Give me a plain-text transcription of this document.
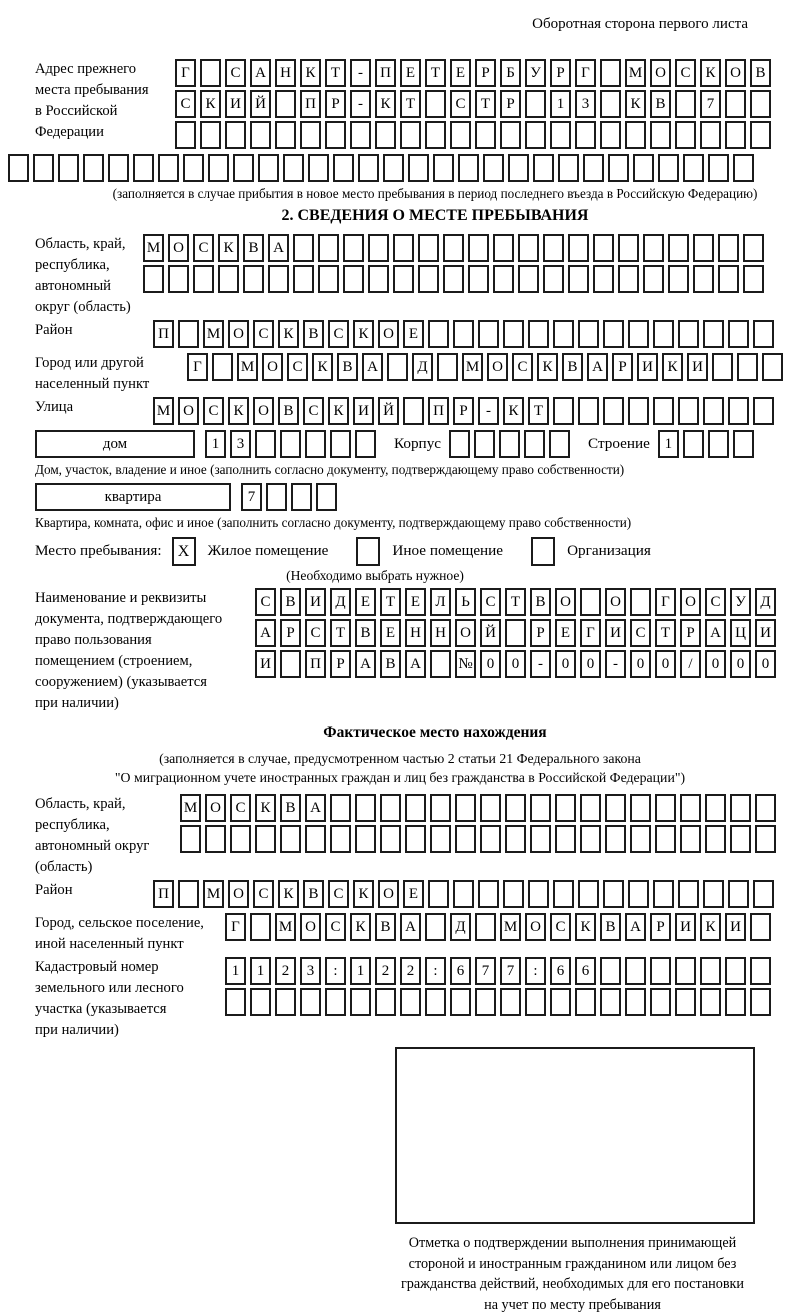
Оборотная сторона первого листа
Адрес прежнего
места пребывания
в Российской
Федерации
Г	С А Н К Т - П Е Т Е Р Б У Р Г	М О С К О В
С К И Й	П Р - К Т	С Т Р	1 3	К В	7
(заполняется в случае прибытия в новое место пребывания в период последнего въезда в Российскую Федерацию)
2. СВЕДЕНИЯ О МЕСТЕ ПРЕБЫВАНИЯ
Область, край,
республика,
автономный
округ (область)
М О С К В А
Район	П	М О С К В С К О Е
Город или другой
населенный пункт
Г	М О С К В А	Д	М О С К В А Р И К И
Улица	М О С К О В С К И Й	П Р - К Т
дом	1 3	Корпус	Строение 1
Дом, участок, владение и иное (заполнить согласно документу, подтверждающему право собственности)
квартира	7
Квартира, комната, офис и иное (заполнить согласно документу, подтверждающему право собственности)
Место пребывания:	X	Жилое помещение	Иное помещение	Организация
(Необходимо выбрать нужное)
Наименование и реквизиты
документа, подтверждающего
право пользования
помещением (строением,
сооружением) (указывается
при наличии)
С В И Д Е Т Е Л Ь С Т В О	О	Г О С У Д
А Р С Т В Е Н Н О Й	Р Е Г И С Т Р А Ц И
И	П Р А В А № 0 0 - 0 0 - 0 0 / 0 0 0
Фактическое место нахождения
(заполняется в случае, предусмотренном частью 2 статьи 21 Федерального закона
"О миграционном учете иностранных граждан и лиц без гражданства в Российской Федерации")
Область, край,
республика,
автономный округ
(область)
М О С К В А
Район	П	М О С К В С К О Е
Город, сельское поселение,
иной населенный пункт
Г	М О С К В А	Д	М О С К В А Р И К И
Кадастровый номер
земельного или лесного
участка (указывается
при наличии)
1 1 2 3 : 1 2 2 : 6 7 7 : 6 6
Отметка о подтверждении выполнения принимающей
стороной и иностранным гражданином или лицом без
гражданства действий, необходимых для его постановки
на учет по месту пребывания
